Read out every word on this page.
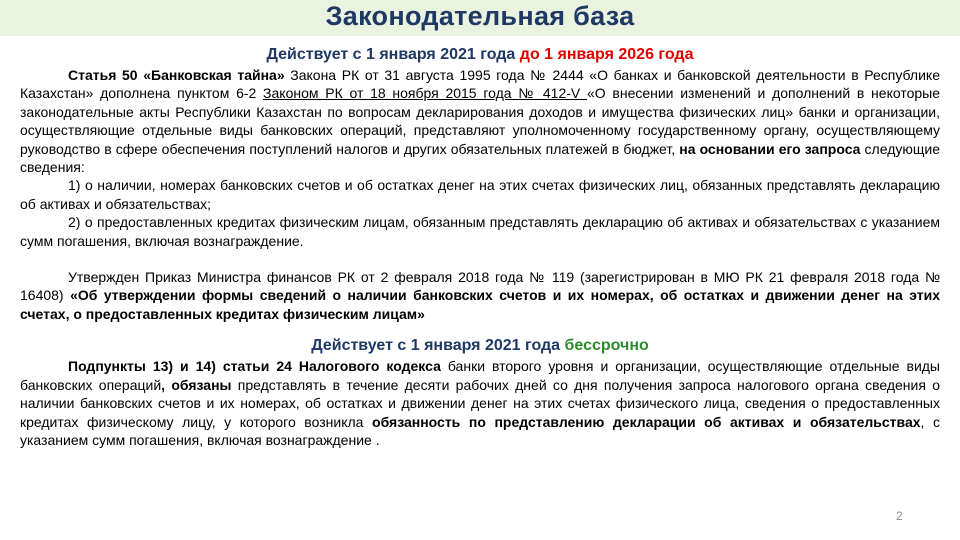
Законодательная база
Действует с 1 января 2021 года до 1 января 2026 года

Статья 50 «Банковская тайна» Закона РК от 31 августа 1995 года № 2444 «О банках и банковской деятельности в Республике Казахстан» дополнена пунктом 6-2 Законом РК от 18 ноября 2015 года № 412-V «О внесении изменений и дополнений в некоторые законодательные акты Республики Казахстан по вопросам декларирования доходов и имущества физических лиц» банки и организации, осуществляющие отдельные виды банковских операций, представляют уполномоченному государственному органу, осуществляющему руководство в сфере обеспечения поступлений налогов и других обязательных платежей в бюджет, на основании его запроса следующие сведения:

1) о наличии, номерах банковских счетов и об остатках денег на этих счетах физических лиц, обязанных представлять декларацию об активах и обязательствах;

2) о предоставленных кредитах физическим лицам, обязанным представлять декларацию об активах и обязательствах с указанием сумм погашения, включая вознаграждение.

Утвержден Приказ Министра финансов РК от 2 февраля 2018 года № 119 (зарегистрирован в МЮ РК 21 февраля 2018 года № 16408) «Об утверждении формы сведений о наличии банковских счетов и их номерах, об остатках и движении денег на этих счетах, о предоставленных кредитах физическим лицам»

Действует с 1 января 2021 года бессрочно

Подпункты 13) и 14) статьи 24 Налогового кодекса банки второго уровня и организации, осуществляющие отдельные виды банковских операций, обязаны представлять в течение десяти рабочих дней со дня получения запроса налогового органа сведения о наличии банковских счетов и их номерах, об остатках и движении денег на этих счетах физического лица, сведения о предоставленных кредитах физическому лицу, у которого возникла обязанность по представлению декларации об активах и обязательствах, с указанием сумм погашения, включая вознаграждение .

2
